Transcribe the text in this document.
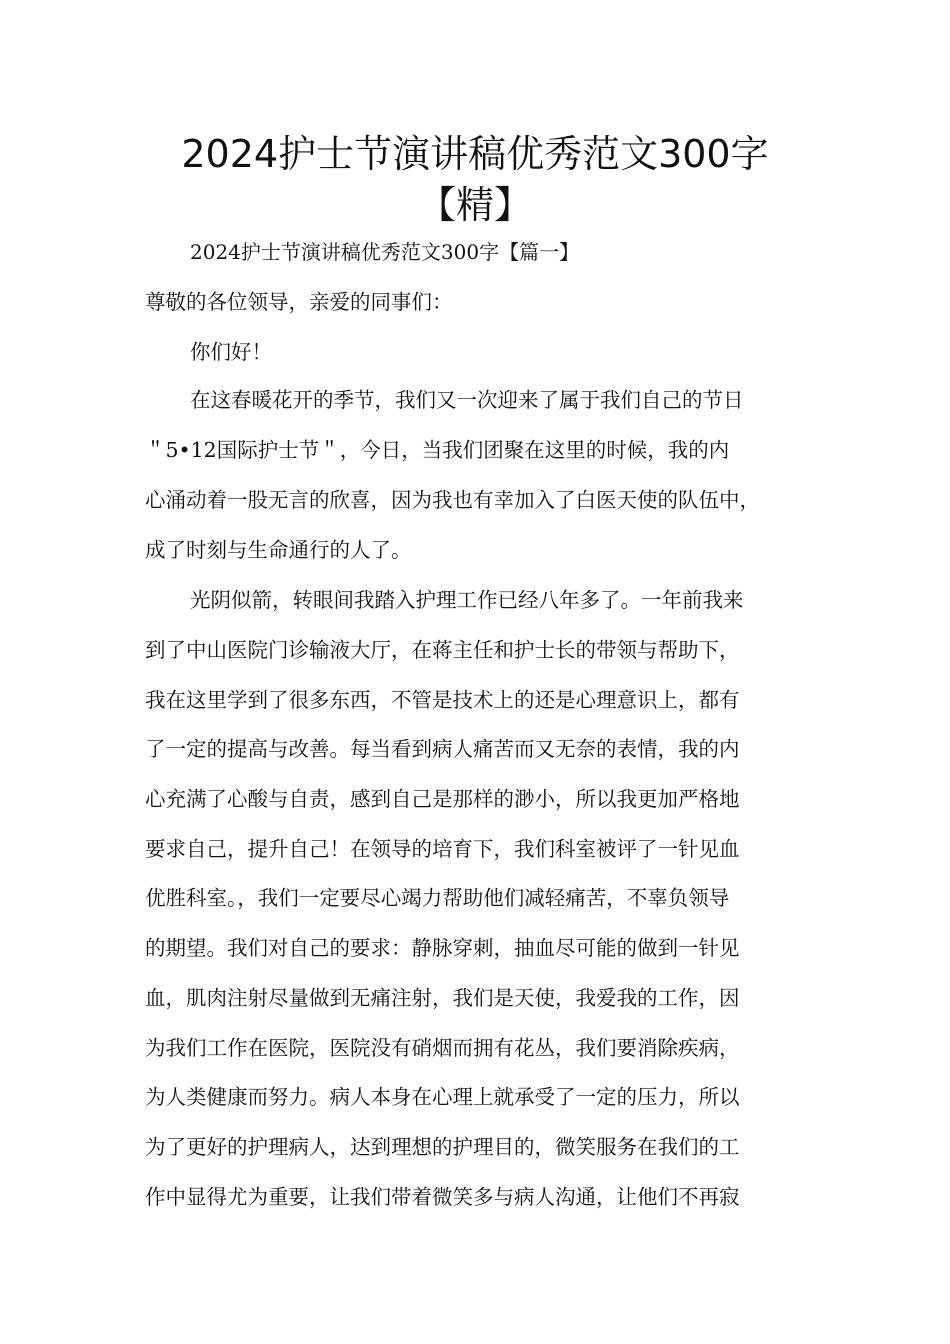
2024护士节演讲稿优秀范文300字
【精】
2024护士节演讲稿优秀范文300字【篇一】
尊敬的各位领导，亲爱的同事们：
你们好！
在这春暖花开的季节，我们又一次迎来了属于我们自己的节日
＂5•12国际护士节＂，今日，当我们团聚在这里的时候，我的内
心涌动着一股无言的欣喜，因为我也有幸加入了白医天使的队伍中，
成了时刻与生命通行的人了。
光阴似箭，转眼间我踏入护理工作已经八年多了。一年前我来
到了中山医院门诊输液大厅，在蒋主任和护士长的带领与帮助下，
我在这里学到了很多东西，不管是技术上的还是心理意识上，都有
了一定的提高与改善。每当看到病人痛苦而又无奈的表情，我的内
心充满了心酸与自责，感到自己是那样的渺小，所以我更加严格地
要求自己，提升自己！在领导的培育下，我们科室被评了一针见血
优胜科室。，我们一定要尽心竭力帮助他们减轻痛苦，不辜负领导
的期望。我们对自己的要求：静脉穿刺，抽血尽可能的做到一针见
血，肌肉注射尽量做到无痛注射，我们是天使，我爱我的工作，因
为我们工作在医院，医院没有硝烟而拥有花丛，我们要消除疾病，
为人类健康而努力。病人本身在心理上就承受了一定的压力，所以
为了更好的护理病人，达到理想的护理目的，微笑服务在我们的工
作中显得尤为重要，让我们带着微笑多与病人沟通，让他们不再寂
